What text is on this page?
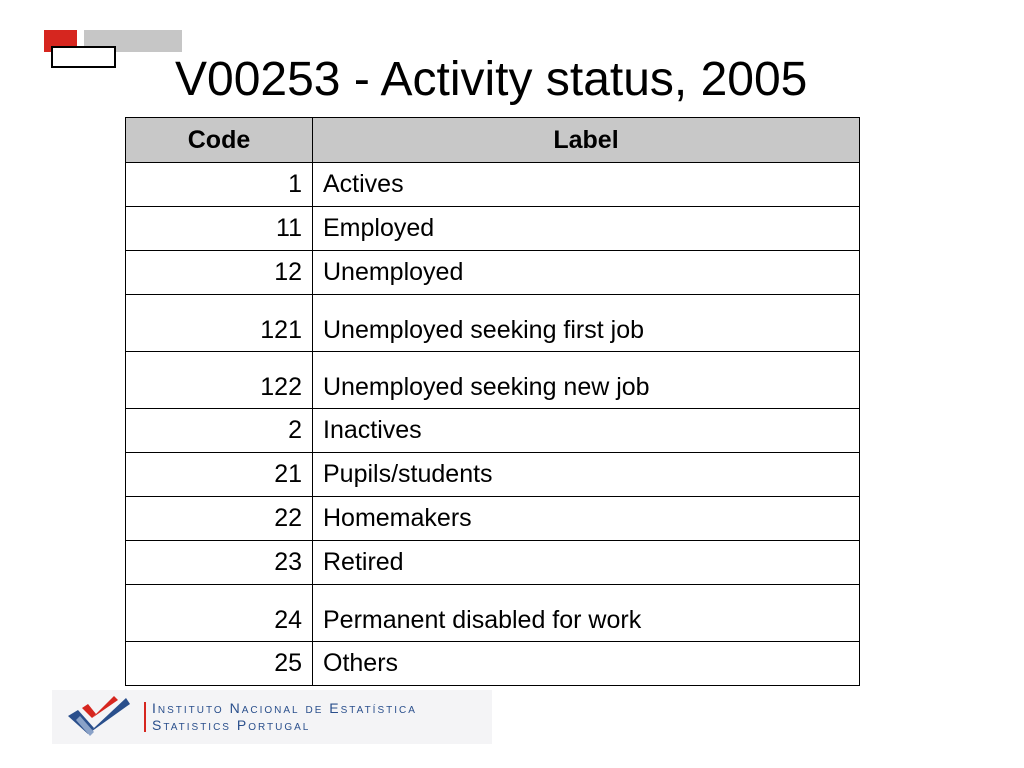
V00253 - Activity status, 2005
Code	Label
1	Actives
11	Employed
12	Unemployed
121	Unemployed seeking first job
122	Unemployed seeking new job
2	Inactives
21	Pupils/students
22	Homemakers
23	Retired
24	Permanent disabled for work
25	Others
Instituto Nacional de Estatística
Statistics Portugal
